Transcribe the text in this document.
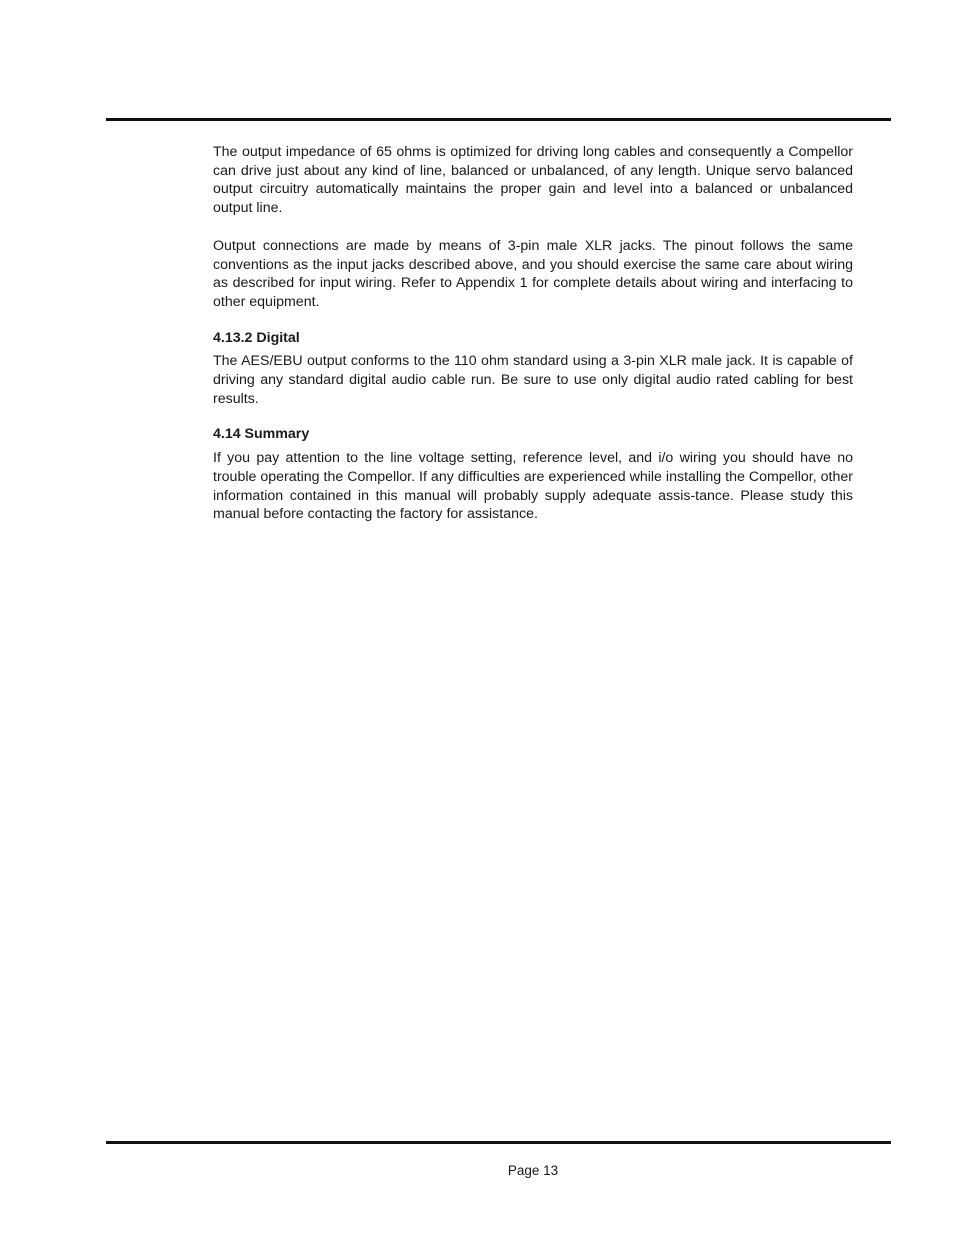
The output impedance of 65 ohms is optimized for driving long cables and consequently a Compellor can drive just about any kind of line, balanced or unbalanced, of any length. Unique servo balanced output circuitry automatically maintains the proper gain and level into a balanced or unbalanced output line.

Output connections are made by means of 3-pin male XLR jacks. The pinout follows the same conventions as the input jacks described above, and you should exercise the same care about wiring as described for input wiring. Refer to Appendix 1 for complete details about wiring and interfacing to other equipment.

4.13.2 Digital

The AES/EBU output conforms to the 110 ohm standard using a 3-pin XLR male jack. It is capable of driving any standard digital audio cable run. Be sure to use only digital audio rated cabling for best results.

4.14 Summary

If you pay attention to the line voltage setting, reference level, and i/o wiring you should have no trouble operating the Compellor. If any difficulties are experienced while installing the Compellor, other information contained in this manual will probably supply adequate assis-tance. Please study this manual before contacting the factory for assistance.

Page 13
